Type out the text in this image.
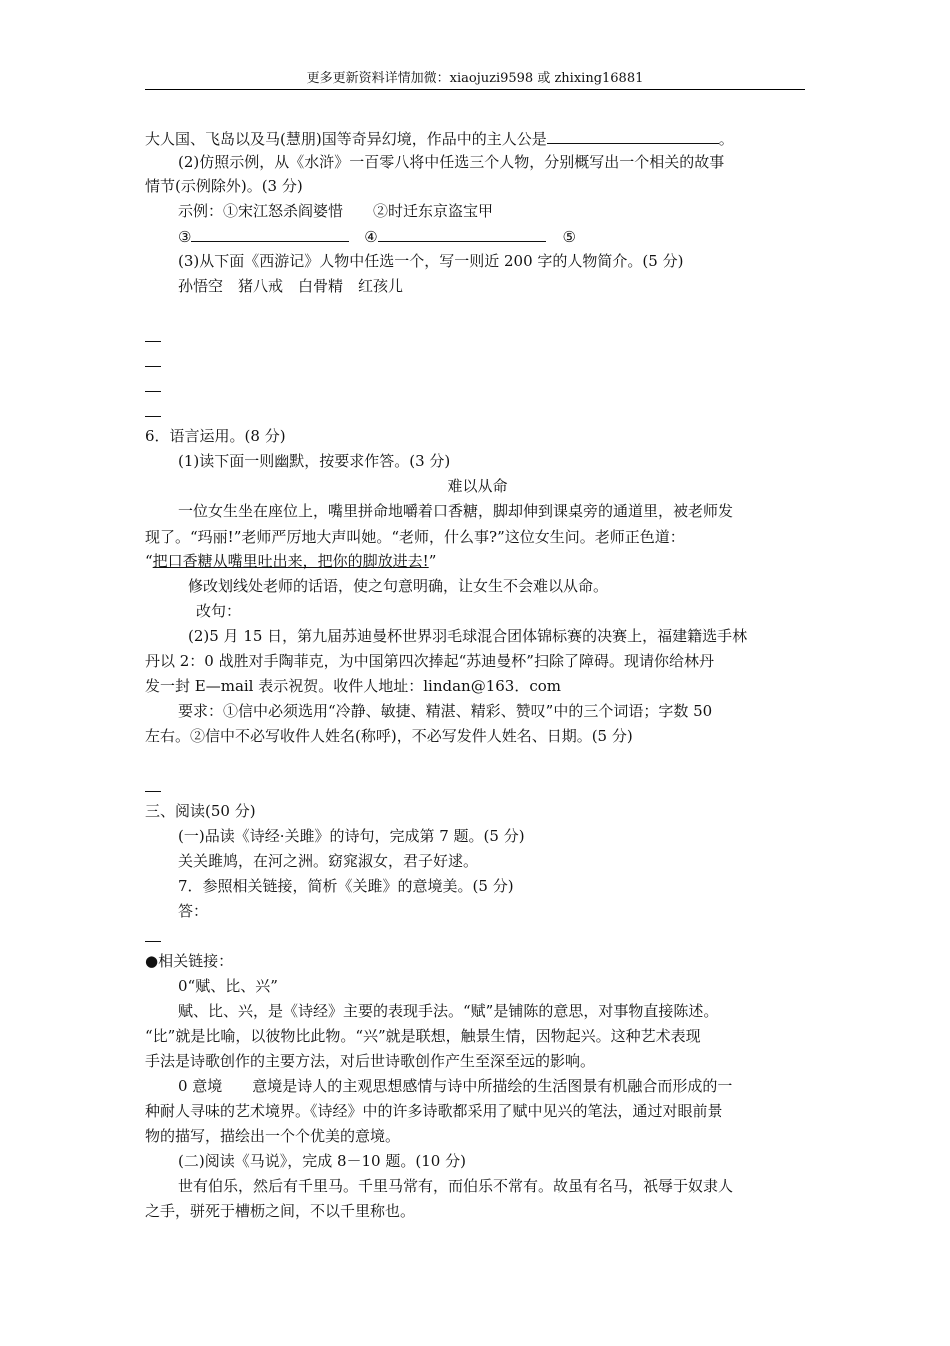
更多更新资料详情加微：xiaojuzi9598 或 zhixing16881
大人国、飞岛以及马(慧朋)国等奇异幻境，作品中的主人公是	。
(2)仿照示例，从《水浒》一百零八将中任选三个人物，分别概写出一个相关的故事
情节(示例除外)。(3 分)
示例：①宋江怒杀阎婆惜　　②时迁东京盗宝甲
③	④	⑤
(3)从下面《西游记》人物中任选一个，写一则近 200 字的人物简介。(5 分)
孙悟空　猪八戒　白骨精　红孩儿
6．语言运用。(8 分)
(1)读下面一则幽默，按要求作答。(3 分)
难以从命
一位女生坐在座位上，嘴里拼命地嚼着口香糖，脚却伸到课桌旁的通道里，被老师发
现了。“玛丽!”老师严厉地大声叫她。“老师，什么事?”这位女生问。老师正色道：
“把口香糖从嘴里吐出来，把你的脚放进去!”
修改划线处老师的话语，使之句意明确，让女生不会难以从命。
改句：
(2)5 月 15 日，第九届苏迪曼杯世界羽毛球混合团体锦标赛的决赛上，福建籍选手林
丹以 2：0 战胜对手陶菲克，为中国第四次捧起“苏迪曼杯”扫除了障碍。现请你给林丹
发一封 E—mail 表示祝贺。收件人地址：lindan@163．com
要求：①信中必须选用“冷静、敏捷、精湛、精彩、赞叹”中的三个词语；字数 50
左右。②信中不必写收件人姓名(称呼)，不必写发件人姓名、日期。(5 分)
三、阅读(50 分)
(一)品读《诗经·关雎》的诗句，完成第 7 题。(5 分)
关关雎鸠，在河之洲。窈窕淑女，君子好逑。
7．参照相关链接，简析《关雎》的意境美。(5 分)
答：
●相关链接：
0“赋、比、兴”
赋、比、兴，是《诗经》主要的表现手法。“赋”是铺陈的意思，对事物直接陈述。
“比”就是比喻，以彼物比此物。“兴”就是联想，触景生情，因物起兴。这种艺术表现
手法是诗歌创作的主要方法，对后世诗歌创作产生至深至远的影响。
0 意境　　意境是诗人的主观思想感情与诗中所描绘的生活图景有机融合而形成的一
种耐人寻味的艺术境界。《诗经》中的许多诗歌都采用了赋中见兴的笔法，通过对眼前景
物的描写，描绘出一个个优美的意境。
(二)阅读《马说》，完成 8－10 题。(10 分)
世有伯乐，然后有千里马。千里马常有，而伯乐不常有。故虽有名马，祇辱于奴隶人
之手，骈死于槽枥之间，不以千里称也。
